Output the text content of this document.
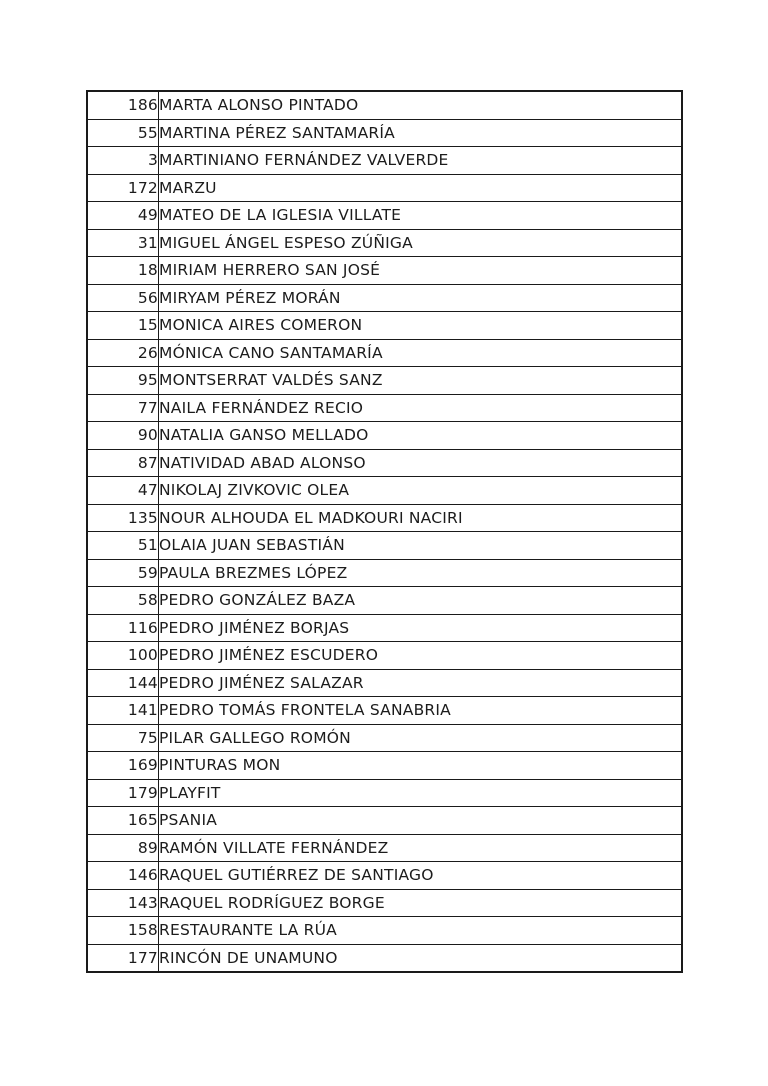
186	MARTA ALONSO PINTADO
55	MARTINA PÉREZ SANTAMARÍA
3	MARTINIANO FERNÁNDEZ VALVERDE
172	MARZU
49	MATEO DE LA IGLESIA VILLATE
31	MIGUEL ÁNGEL ESPESO ZÚÑIGA
18	MIRIAM HERRERO SAN JOSÉ
56	MIRYAM PÉREZ MORÁN
15	MONICA AIRES COMERON
26	MÓNICA CANO SANTAMARÍA
95	MONTSERRAT VALDÉS SANZ
77	NAILA FERNÁNDEZ RECIO
90	NATALIA GANSO MELLADO
87	NATIVIDAD ABAD ALONSO
47	NIKOLAJ ZIVKOVIC OLEA
135	NOUR ALHOUDA EL MADKOURI NACIRI
51	OLAIA JUAN SEBASTIÁN
59	PAULA BREZMES LÓPEZ
58	PEDRO GONZÁLEZ BAZA
116	PEDRO JIMÉNEZ BORJAS
100	PEDRO JIMÉNEZ ESCUDERO
144	PEDRO JIMÉNEZ SALAZAR
141	PEDRO TOMÁS FRONTELA SANABRIA
75	PILAR GALLEGO ROMÓN
169	PINTURAS MON
179	PLAYFIT
165	PSANIA
89	RAMÓN VILLATE FERNÁNDEZ
146	RAQUEL GUTIÉRREZ DE SANTIAGO
143	RAQUEL RODRÍGUEZ BORGE
158	RESTAURANTE LA RÚA
177	RINCÓN DE UNAMUNO
